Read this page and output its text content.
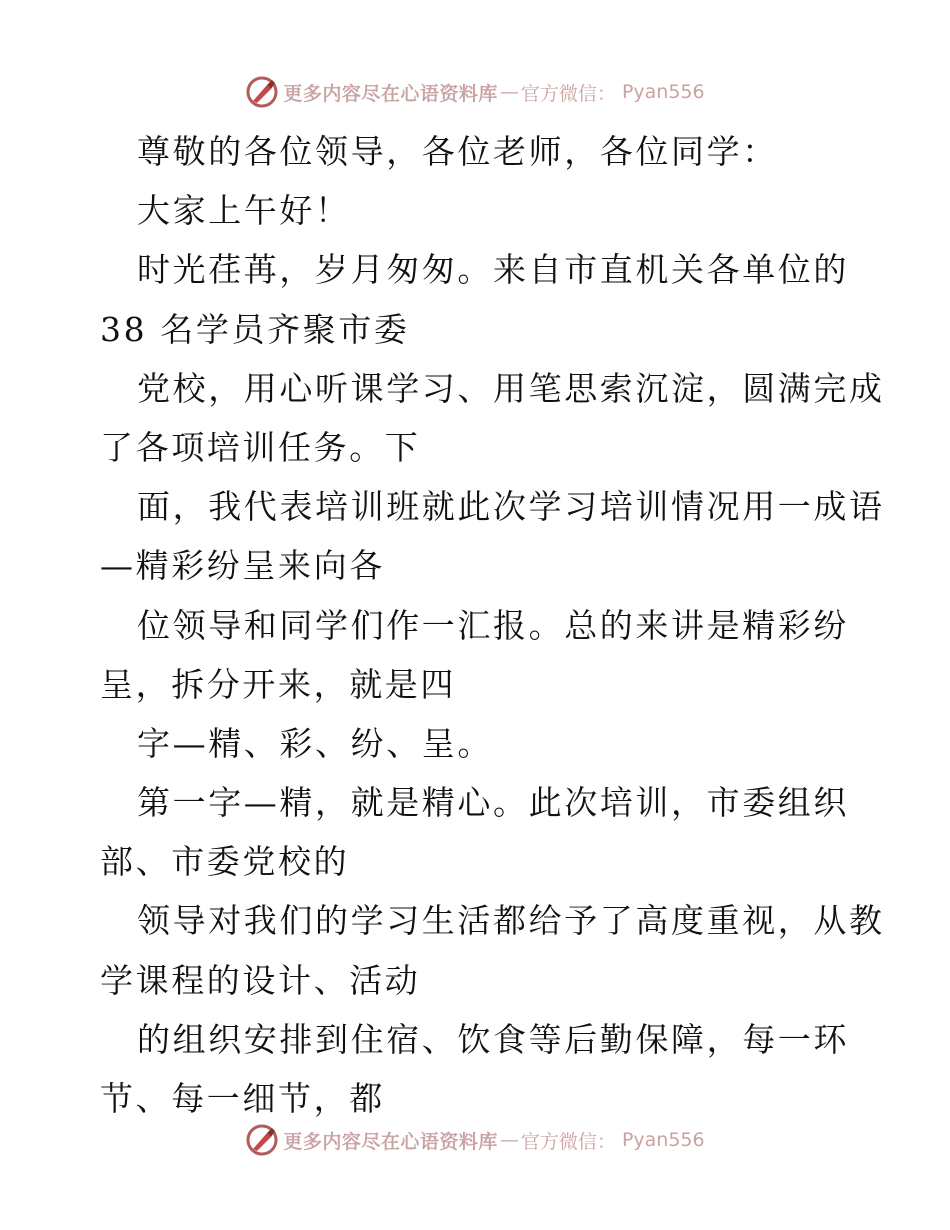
更多内容尽在心语资料库 — 官方微信： Pyan556
尊敬的各位领导，各位老师，各位同学：
大家上午好！
时光荏苒，岁月匆匆。来自市直机关各单位的
38 名学员齐聚市委
党校，用心听课学习、用笔思索沉淀，圆满完成
了各项培训任务。下
面，我代表培训班就此次学习培训情况用一成语
—精彩纷呈来向各
位领导和同学们作一汇报。总的来讲是精彩纷
呈，拆分开来，就是四
字—精、彩、纷、呈。
第一字—精，就是精心。此次培训，市委组织
部、市委党校的
领导对我们的学习生活都给予了高度重视，从教
学课程的设计、活动
的组织安排到住宿、饮食等后勤保障，每一环
节、每一细节，都
更多内容尽在心语资料库 — 官方微信： Pyan556
